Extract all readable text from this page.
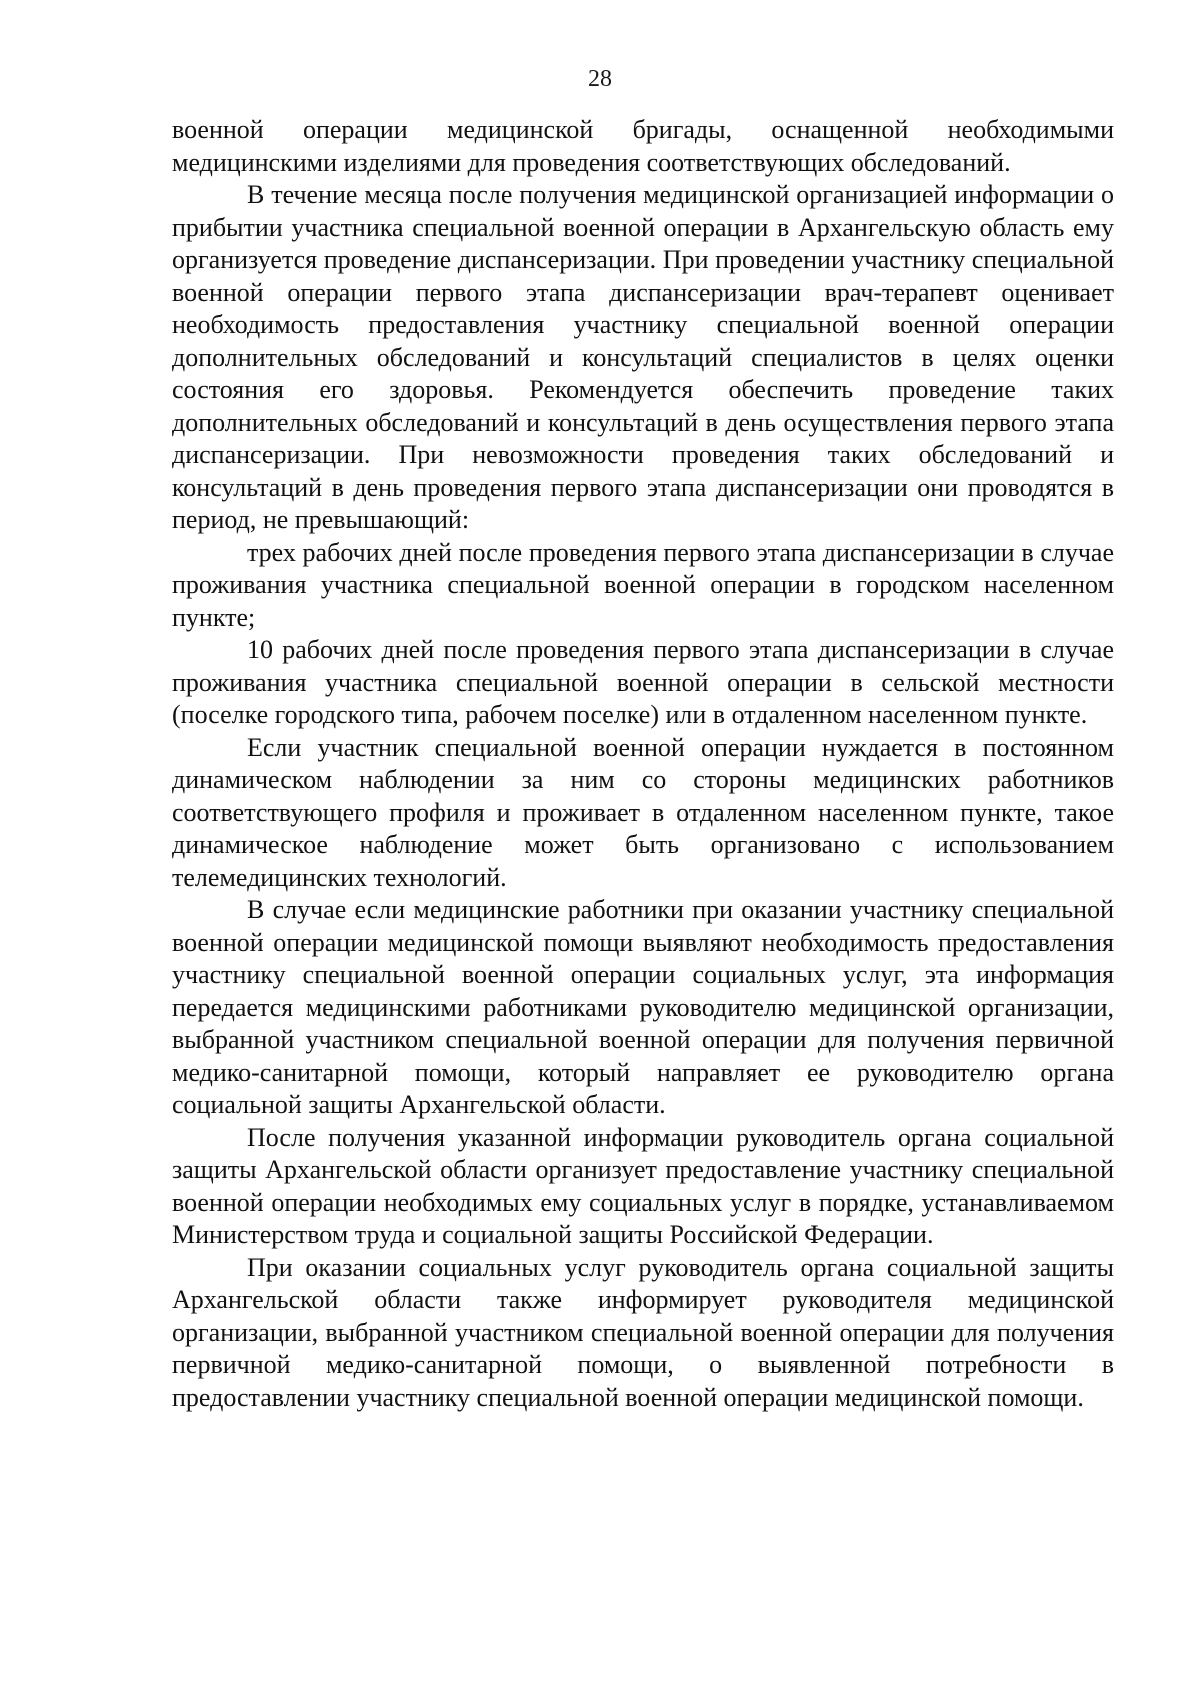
28

военной операции медицинской бригады, оснащенной необходимыми медицинскими изделиями для проведения соответствующих обследований.

В течение месяца после получения медицинской организацией информации о прибытии участника специальной военной операции в Архангельскую область ему организуется проведение диспансеризации. При проведении участнику специальной военной операции первого этапа диспансеризации врач-терапевт оценивает необходимость предоставления участнику специальной военной операции дополнительных обследований и консультаций специалистов в целях оценки состояния его здоровья. Рекомендуется обеспечить проведение таких дополнительных обследований и консультаций в день осуществления первого этапа диспансеризации. При невозможности проведения таких обследований и консультаций в день проведения первого этапа диспансеризации они проводятся в период, не превышающий:

трех рабочих дней после проведения первого этапа диспансеризации в случае проживания участника специальной военной операции в городском населенном пункте;

10 рабочих дней после проведения первого этапа диспансеризации в случае проживания участника специальной военной операции в сельской местности (поселке городского типа, рабочем поселке) или в отдаленном населенном пункте.

Если участник специальной военной операции нуждается в постоянном динамическом наблюдении за ним со стороны медицинских работников соответствующего профиля и проживает в отдаленном населенном пункте, такое динамическое наблюдение может быть организовано с использованием телемедицинских технологий.

В случае если медицинские работники при оказании участнику специальной военной операции медицинской помощи выявляют необходимость предоставления участнику специальной военной операции социальных услуг, эта информация передается медицинскими работниками руководителю медицинской организации, выбранной участником специальной военной операции для получения первичной медико-санитарной помощи, который направляет ее руководителю органа социальной защиты Архангельской области.

После получения указанной информации руководитель органа социальной защиты Архангельской области организует предоставление участнику специальной военной операции необходимых ему социальных услуг в порядке, устанавливаемом Министерством труда и социальной защиты Российской Федерации.

При оказании социальных услуг руководитель органа социальной защиты Архангельской области также информирует руководителя медицинской организации, выбранной участником специальной военной операции для получения первичной медико-санитарной помощи, о выявленной потребности в предоставлении участнику специальной военной операции медицинской помощи.
